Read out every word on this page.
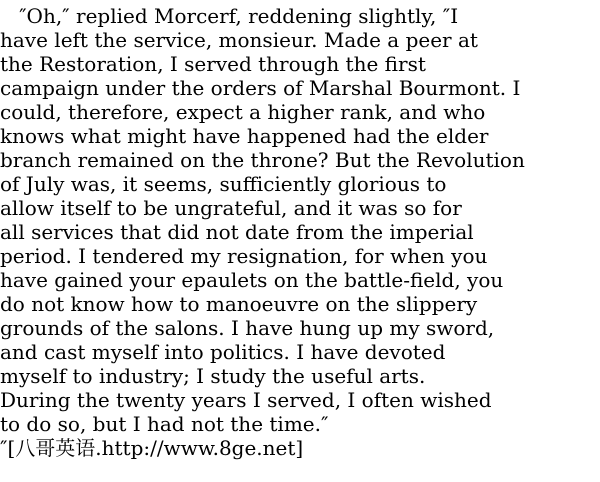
″Oh,″ replied Morcerf, reddening slightly, ″I
have left the service, monsieur. Made a peer at
the Restoration, I served through the first
campaign under the orders of Marshal Bourmont. I
could, therefore, expect a higher rank, and who
knows what might have happened had the elder
branch remained on the throne? But the Revolution
of July was, it seems, sufficiently glorious to
allow itself to be ungrateful, and it was so for
all services that did not date from the imperial
period. I tendered my resignation, for when you
have gained your epaulets on the battle-field, you
do not know how to manoeuvre on the slippery
grounds of the salons. I have hung up my sword,
and cast myself into politics. I have devoted
myself to industry; I study the useful arts.
During the twenty years I served, I often wished
to do so, but I had not the time.″
″[八哥英语.http://www.8ge.net]
